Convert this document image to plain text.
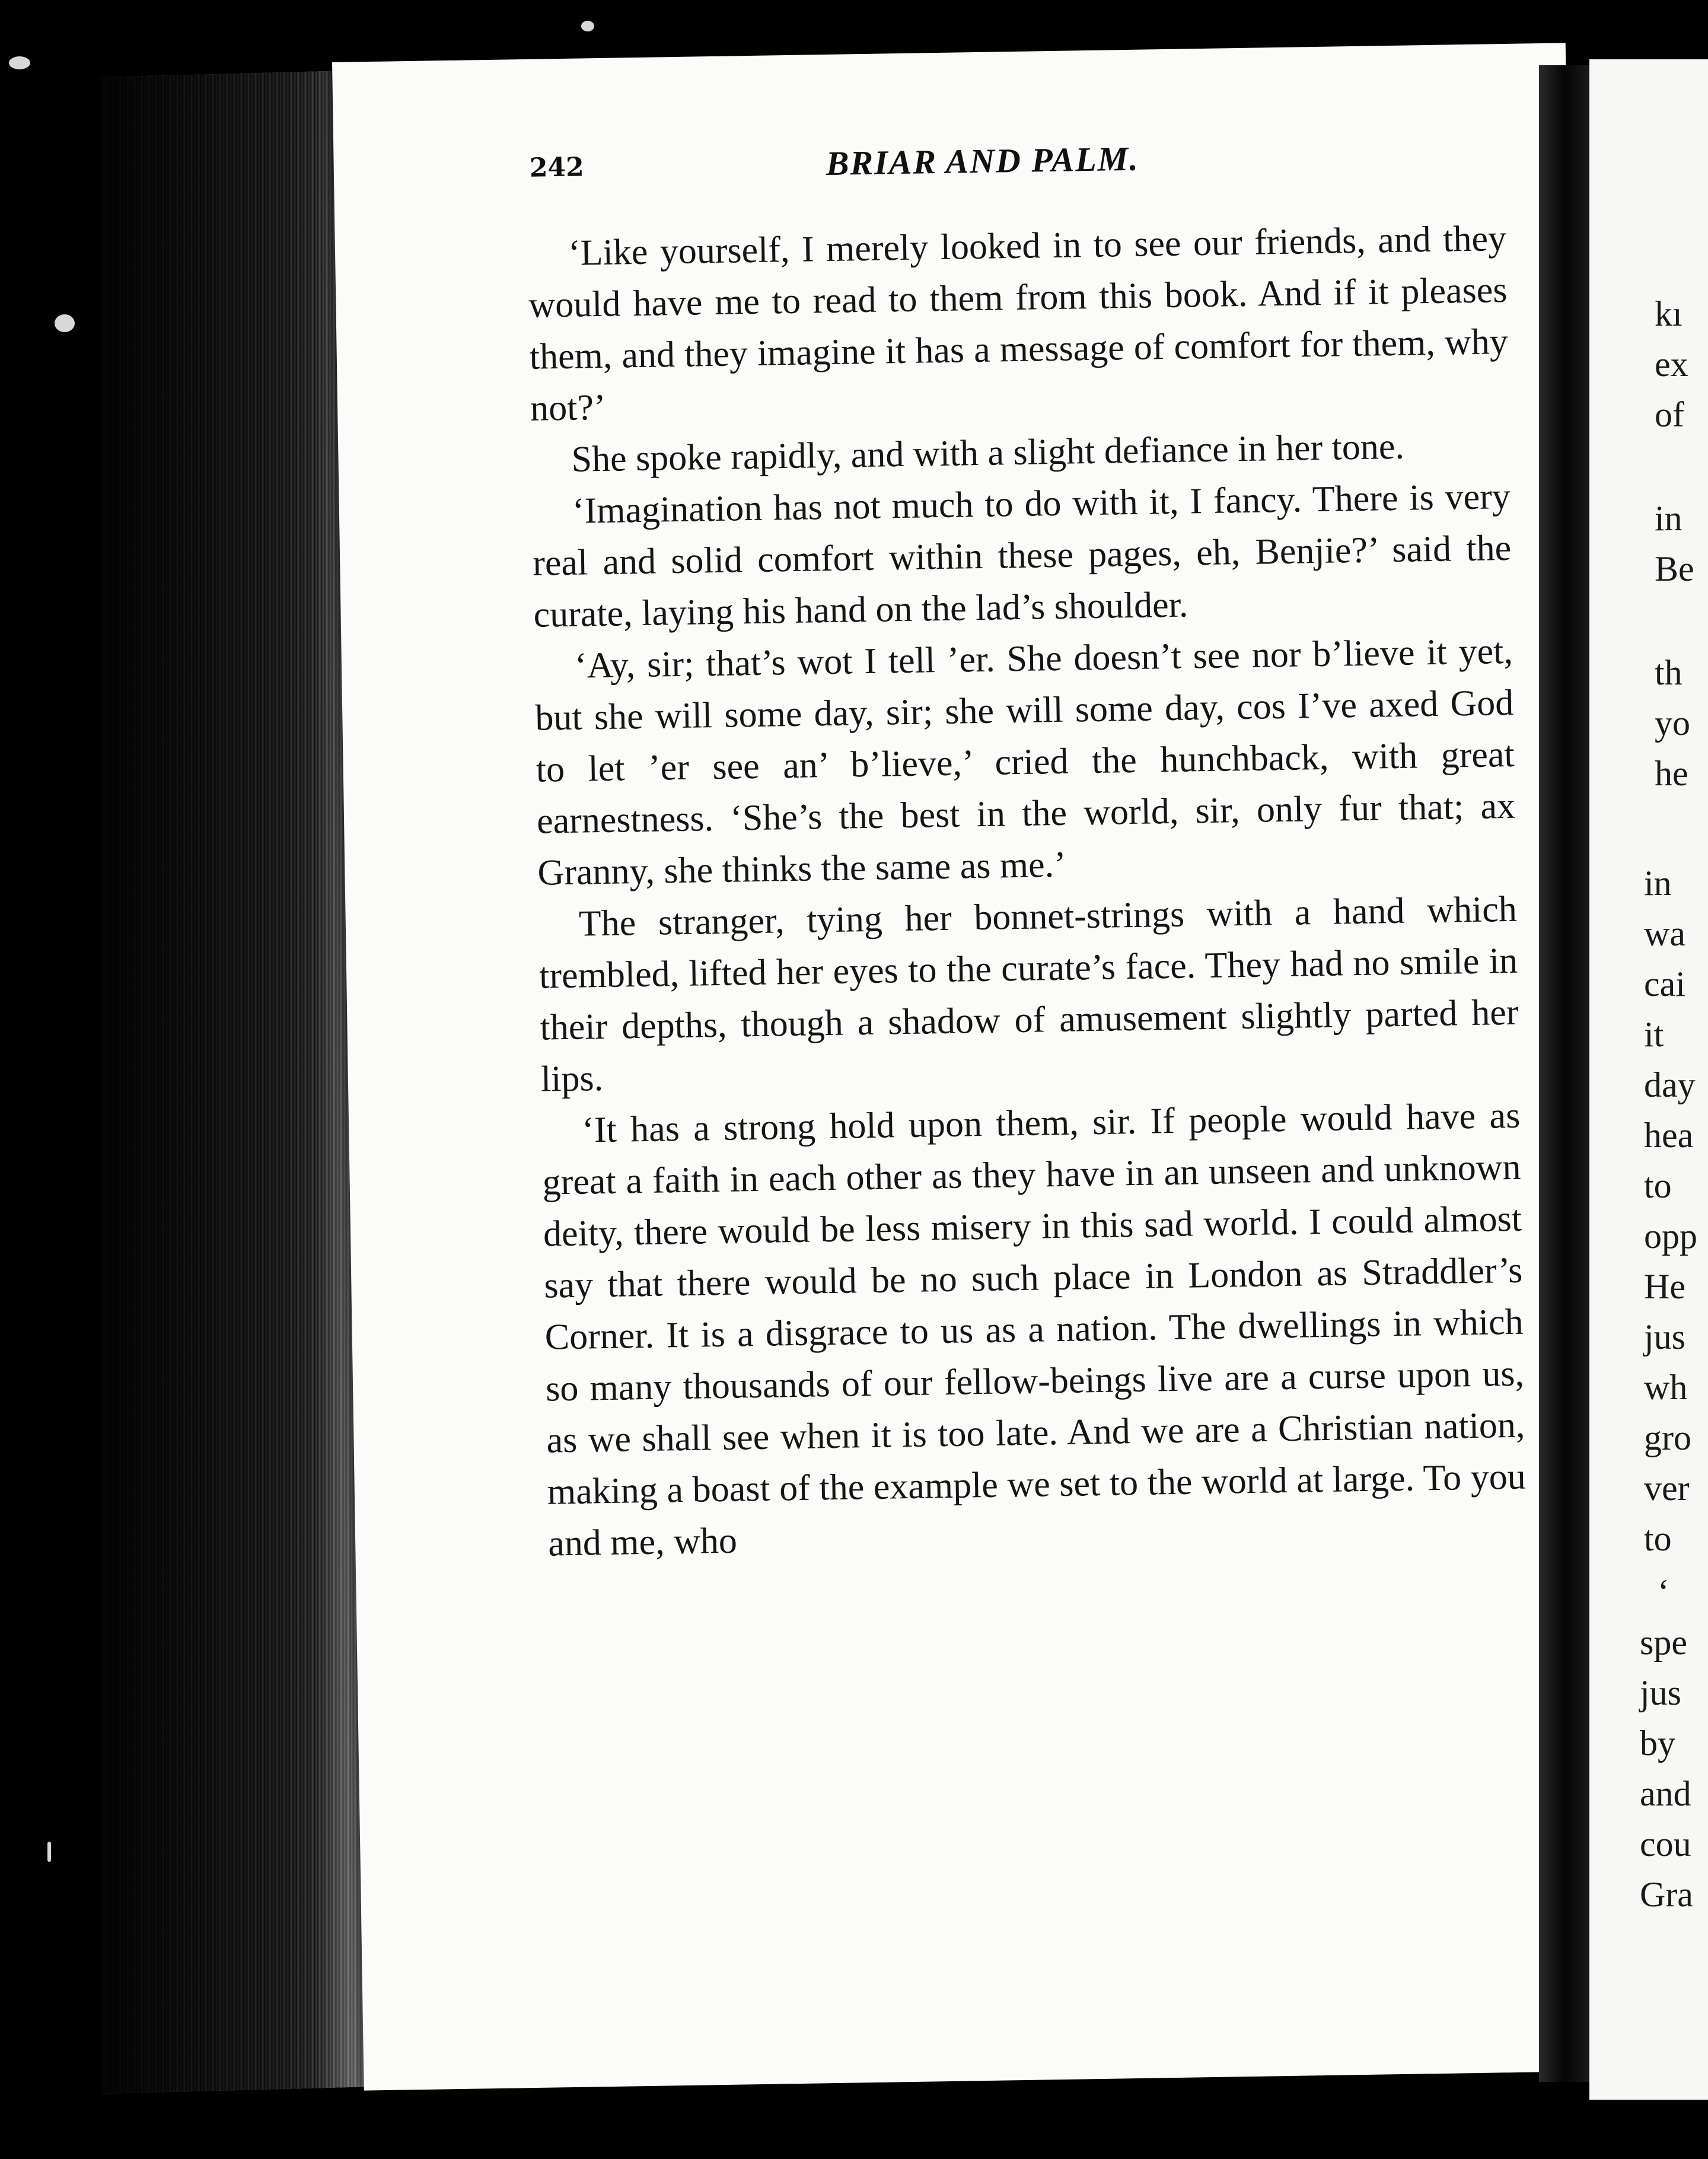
242	BRIAR AND PALM.

‘Like yourself, I merely looked in to see our friends, and they would have me to read to them from this book. And if it pleases them, and they imagine it has a message of comfort for them, why not?’

She spoke rapidly, and with a slight defiance in her tone.

‘Imagination has not much to do with it, I fancy. There is very real and solid comfort within these pages, eh, Benjie?’ said the curate, laying his hand on the lad’s shoulder.

‘Ay, sir; that’s wot I tell ’er. She doesn’t see nor b’lieve it yet, but she will some day, sir; she will some day, cos I’ve axed God to let ’er see an’ b’lieve,’ cried the hunchback, with great earnestness. ‘She’s the best in the world, sir, only fur that; ax Granny, she thinks the same as me.’

The stranger, tying her bonnet-strings with a hand which trembled, lifted her eyes to the curate’s face. They had no smile in their depths, though a shadow of amusement slightly parted her lips.

‘It has a strong hold upon them, sir. If people would have as great a faith in each other as they have in an unseen and unknown deity, there would be less misery in this sad world. I could almost say that there would be no such place in London as Straddler’s Corner. It is a disgrace to us as a nation. The dwellings in which so many thousands of our fellow-beings live are a curse upon us, as we shall see when it is too late. And we are a Christian nation, making a boast of the example we set to the world at large. To you and me, who

kı
ex
of
in
Be
th
yo
he
in
wa
cai
it
day
hea
to
opp
He
jus
wh
gro
ver
to
‘
spe
jus
by
and
cou
Gra
